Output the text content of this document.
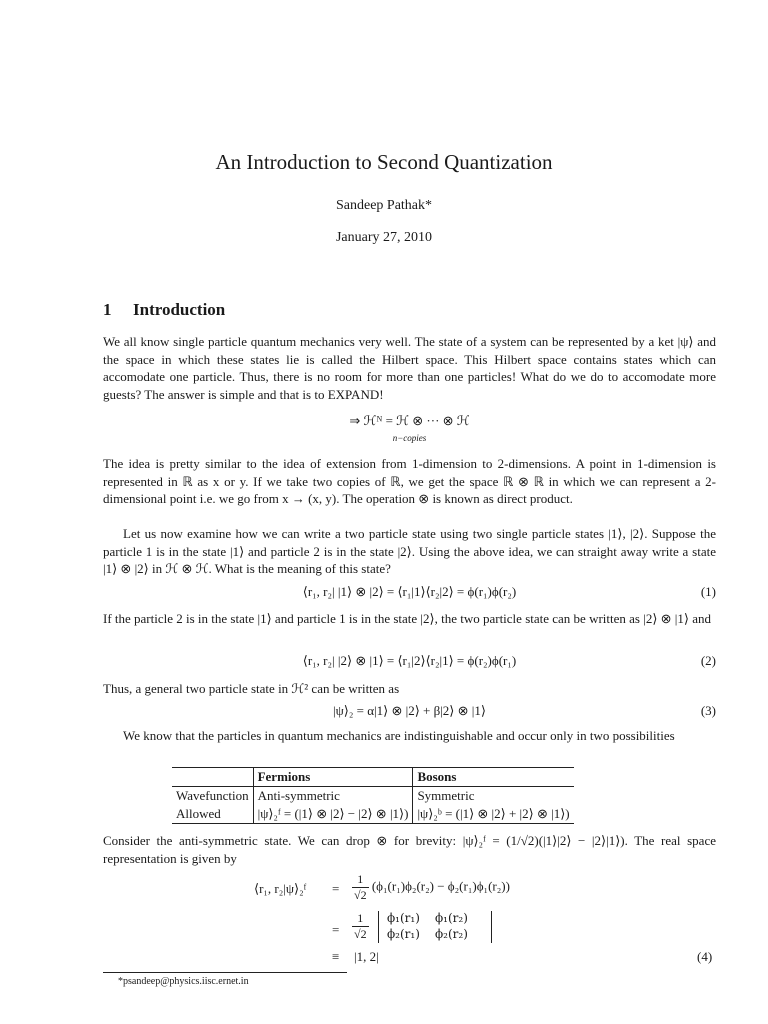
An Introduction to Second Quantization
Sandeep Pathak*
January 27, 2010
1 Introduction
We all know single particle quantum mechanics very well. The state of a system can be represented by a ket |ψ⟩ and the space in which these states lie is called the Hilbert space. This Hilbert space contains states which can accomodate one particle. Thus, there is no room for more than one particles! What do we do to accomodate more guests? The answer is simple and that is to EXPAND!
⇒ ℋᴺ = ℋ ⊗ ··· ⊗ ℋ
n−copies
The idea is pretty similar to the idea of extension from 1-dimension to 2-dimensions. A point in 1-dimension is represented in ℝ as x or y. If we take two copies of ℝ, we get the space ℝ ⊗ ℝ in which we can represent a 2-dimensional point i.e. we go from x → (x, y). The operation ⊗ is known as direct product.
Let us now examine how we can write a two particle state using two single particle states |1⟩, |2⟩. Suppose the particle 1 is in the state |1⟩ and particle 2 is in the state |2⟩. Using the above idea, we can straight away write a state |1⟩ ⊗ |2⟩ in ℋ ⊗ ℋ. What is the meaning of this state?
⟨r₁, r₂| |1⟩ ⊗ |2⟩ = ⟨r₁|1⟩⟨r₂|2⟩ = ϕ(r₁)ϕ(r₂)	(1)
If the particle 2 is in the state |1⟩ and particle 1 is in the state |2⟩, the two particle state can be written as |2⟩ ⊗ |1⟩ and
⟨r₁, r₂| |2⟩ ⊗ |1⟩ = ⟨r₁|2⟩⟨r₂|1⟩ = ϕ(r₂)ϕ(r₁)	(2)
Thus, a general two particle state in ℋ² can be written as
|ψ⟩₂ = α|1⟩ ⊗ |2⟩ + β|2⟩ ⊗ |1⟩	(3)
We know that the particles in quantum mechanics are indistinguishable and occur only in two possibilities
	Fermions	Bosons
Wavefunction	Anti-symmetric	Symmetric
Allowed	|ψ⟩₂ᶠ = (|1⟩ ⊗ |2⟩ − |2⟩ ⊗ |1⟩)	|ψ⟩₂ᵇ = (|1⟩ ⊗ |2⟩ + |2⟩ ⊗ |1⟩)
Consider the anti-symmetric state. We can drop ⊗ for brevity: |ψ⟩₂ᶠ = (1/√2)(|1⟩|2⟩ − |2⟩|1⟩). The real space representation is given by
⟨r₁, r₂|ψ⟩₂ᶠ = $\frac{1}{√2} (\phi_1(r_1)\phi_2(r_2) - \phi_2(r_1)\phi_1(r_2))$
= $\frac{1}{√2} \phi_1(r_1)$ ϕ₁(r₂)
ϕ₂(r₁) ϕ₂(r₂)
≡ |1, 2|	(4)
*psandeep@physics.iisc.ernet.in
